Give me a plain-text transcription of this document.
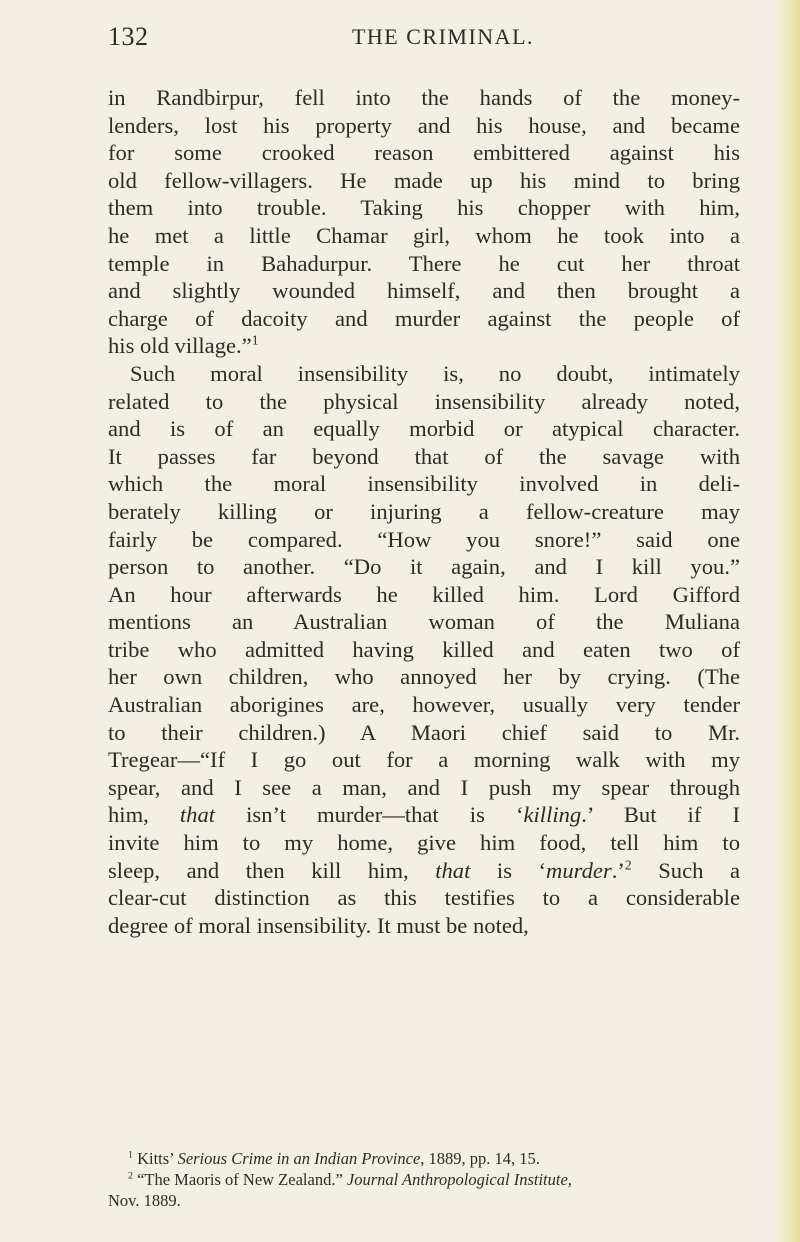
132	THE CRIMINAL.
in Randbirpur, fell into the hands of the money-
lenders, lost his property and his house, and became
for some crooked reason embittered against his
old fellow-villagers. He made up his mind to bring
them into trouble. Taking his chopper with him,
he met a little Chamar girl, whom he took into a
temple in Bahadurpur. There he cut her throat
and slightly wounded himself, and then brought a
charge of dacoity and murder against the people of
his old village.”$^1$
Such moral insensibility is, no doubt, intimately
related to the physical insensibility already noted,
and is of an equally morbid or atypical character.
It passes far beyond that of the savage with
which the moral insensibility involved in deli-
berately killing or injuring a fellow-creature may
fairly be compared. “How you snore!” said one
person to another. “Do it again, and I kill you.”
An hour afterwards he killed him. Lord Gifford
mentions an Australian woman of the Muliana
tribe who admitted having killed and eaten two of
her own children, who annoyed her by crying. (The
Australian aborigines are, however, usually very tender
to their children.) A Maori chief said to Mr.
Tregear—“If I go out for a morning walk with my
spear, and I see a man, and I push my spear through
him, that isn’t murder—that is ‘killing.’ But if I
invite him to my home, give him food, tell him to
sleep, and then kill him, that is ‘murder.’$^2$ Such a
clear-cut distinction as this testifies to a considerable
degree of moral insensibility. It must be noted,
$^1$ Kitts’ Serious Crime in an Indian Province, 1889, pp. 14, 15.
$^2$ “The Maoris of New Zealand.” Journal Anthropological Institute,
Nov. 1889.
